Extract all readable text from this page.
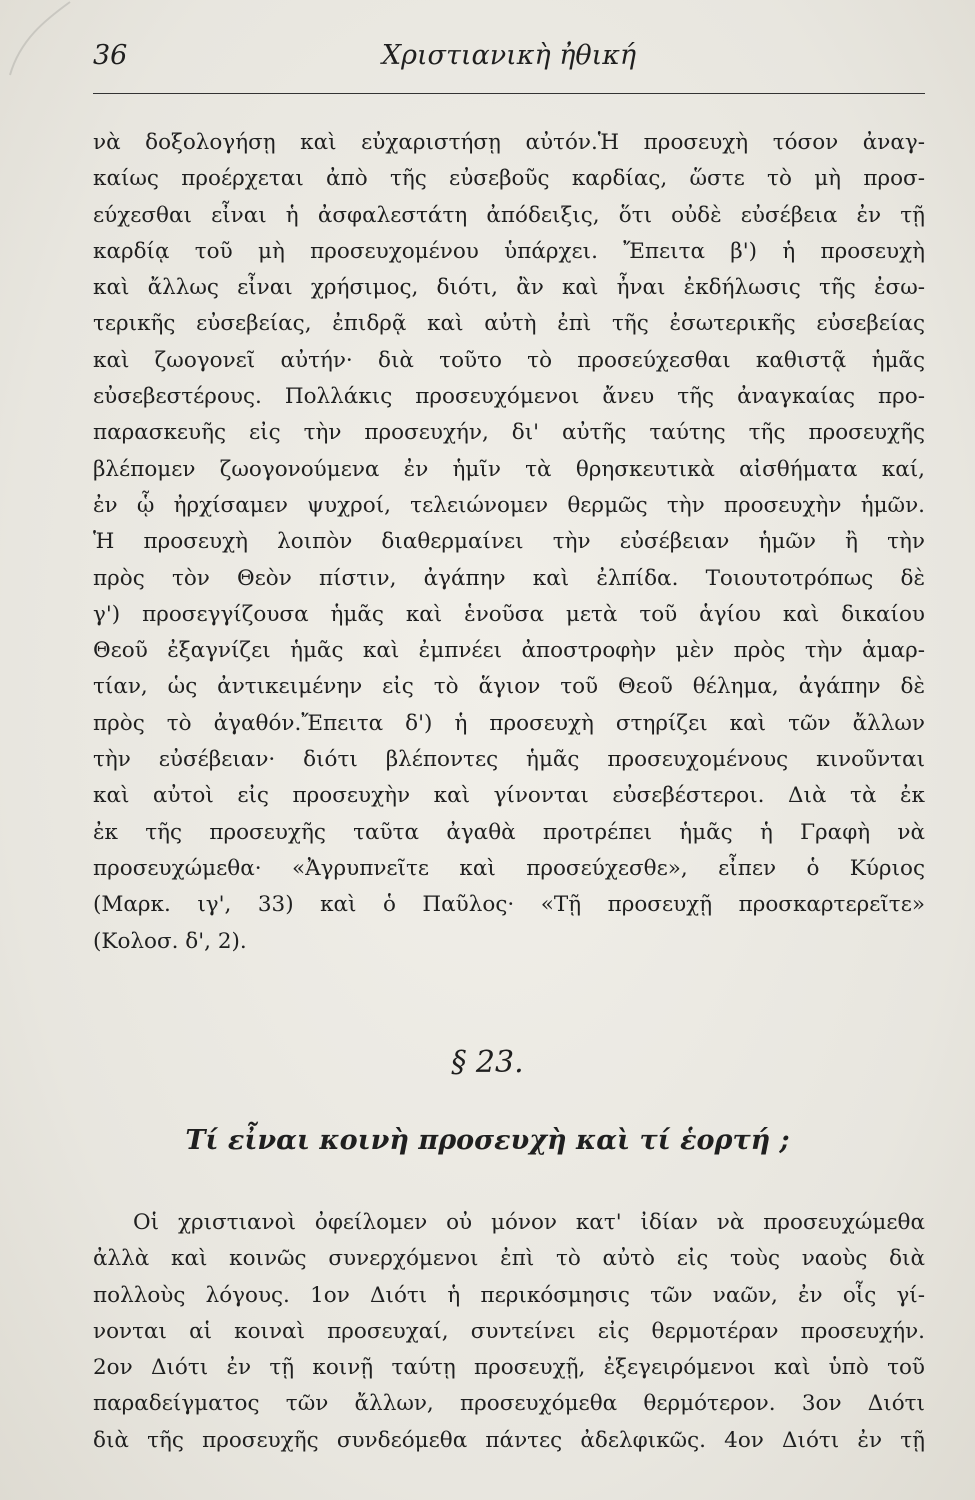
36	Χριστιανικὴ ἠθική
νὰ δοξολογήσῃ καὶ εὐχαριστήσῃ αὐτόν.Ἡ προσευχὴ τόσον ἀναγ-
καίως προέρχεται ἀπὸ τῆς εὐσεβοῦς καρδίας, ὥστε τὸ μὴ προσ-
εύχεσθαι εἶναι ἡ ἀσφαλεστάτη ἀπόδειξις, ὅτι οὐδὲ εὐσέβεια ἐν τῇ
καρδίᾳ τοῦ μὴ προσευχομένου ὑπάρχει. Ἔπειτα β') ἡ προσευχὴ
καὶ ἄλλως εἶναι χρήσιμος, διότι, ἂν καὶ ἦναι ἐκδήλωσις τῆς ἐσω-
τερικῆς εὐσεβείας, ἐπιδρᾷ καὶ αὐτὴ ἐπὶ τῆς ἐσωτερικῆς εὐσεβείας
καὶ ζωογονεῖ αὐτήν· διὰ τοῦτο τὸ προσεύχεσθαι καθιστᾷ ἡμᾶς
εὐσεβεστέρους. Πολλάκις προσευχόμενοι ἄνευ τῆς ἀναγκαίας προ-
παρασκευῆς εἰς τὴν προσευχήν, δι' αὐτῆς ταύτης τῆς προσευχῆς
βλέπομεν ζωογονούμενα ἐν ἡμῖν τὰ θρησκευτικὰ αἰσθήματα καί,
ἐν ᾧ ἠρχίσαμεν ψυχροί, τελειώνομεν θερμῶς τὴν προσευχὴν ἡμῶν.
Ἡ προσευχὴ λοιπὸν διαθερμαίνει τὴν εὐσέβειαν ἡμῶν ἢ τὴν
πρὸς τὸν Θεὸν πίστιν, ἀγάπην καὶ ἐλπίδα. Τοιουτοτρόπως δὲ
γ') προσεγγίζουσα ἡμᾶς καὶ ἑνοῦσα μετὰ τοῦ ἁγίου καὶ δικαίου
Θεοῦ ἐξαγνίζει ἡμᾶς καὶ ἐμπνέει ἀποστροφὴν μὲν πρὸς τὴν ἁμαρ-
τίαν, ὡς ἀντικειμένην εἰς τὸ ἅγιον τοῦ Θεοῦ θέλημα, ἀγάπην δὲ
πρὸς τὸ ἀγαθόν.Ἔπειτα δ') ἡ προσευχὴ στηρίζει καὶ τῶν ἄλλων
τὴν εὐσέβειαν· διότι βλέποντες ἡμᾶς προσευχομένους κινοῦνται
καὶ αὐτοὶ εἰς προσευχὴν καὶ γίνονται εὐσεβέστεροι. Διὰ τὰ ἐκ
ἐκ τῆς προσευχῆς ταῦτα ἀγαθὰ προτρέπει ἡμᾶς ἡ Γραφὴ νὰ
προσευχώμεθα· «Ἀγρυπνεῖτε καὶ προσεύχεσθε», εἶπεν ὁ Κύριος
(Μαρκ. ιγ', 33) καὶ ὁ Παῦλος· «Τῇ προσευχῇ προσκαρτερεῖτε»
(Κολοσ. δ', 2).
§ 23.
Τί εἶναι κοινὴ προσευχὴ καὶ τί ἑορτή ;
Οἱ χριστιανοὶ ὀφείλομεν οὐ μόνον κατ' ἰδίαν νὰ προσευχώμεθα
ἀλλὰ καὶ κοινῶς συνερχόμενοι ἐπὶ τὸ αὐτὸ εἰς τοὺς ναοὺς διὰ
πολλοὺς λόγους. 1ον Διότι ἡ περικόσμησις τῶν ναῶν, ἐν οἷς γί-
νονται αἱ κοιναὶ προσευχαί, συντείνει εἰς θερμοτέραν προσευχήν.
2ον Διότι ἐν τῇ κοινῇ ταύτῃ προσευχῇ, ἐξεγειρόμενοι καὶ ὑπὸ τοῦ
παραδείγματος τῶν ἄλλων, προσευχόμεθα θερμότερον. 3ον Διότι
διὰ τῆς προσευχῆς συνδεόμεθα πάντες ἀδελφικῶς. 4ον Διότι ἐν τῇ
